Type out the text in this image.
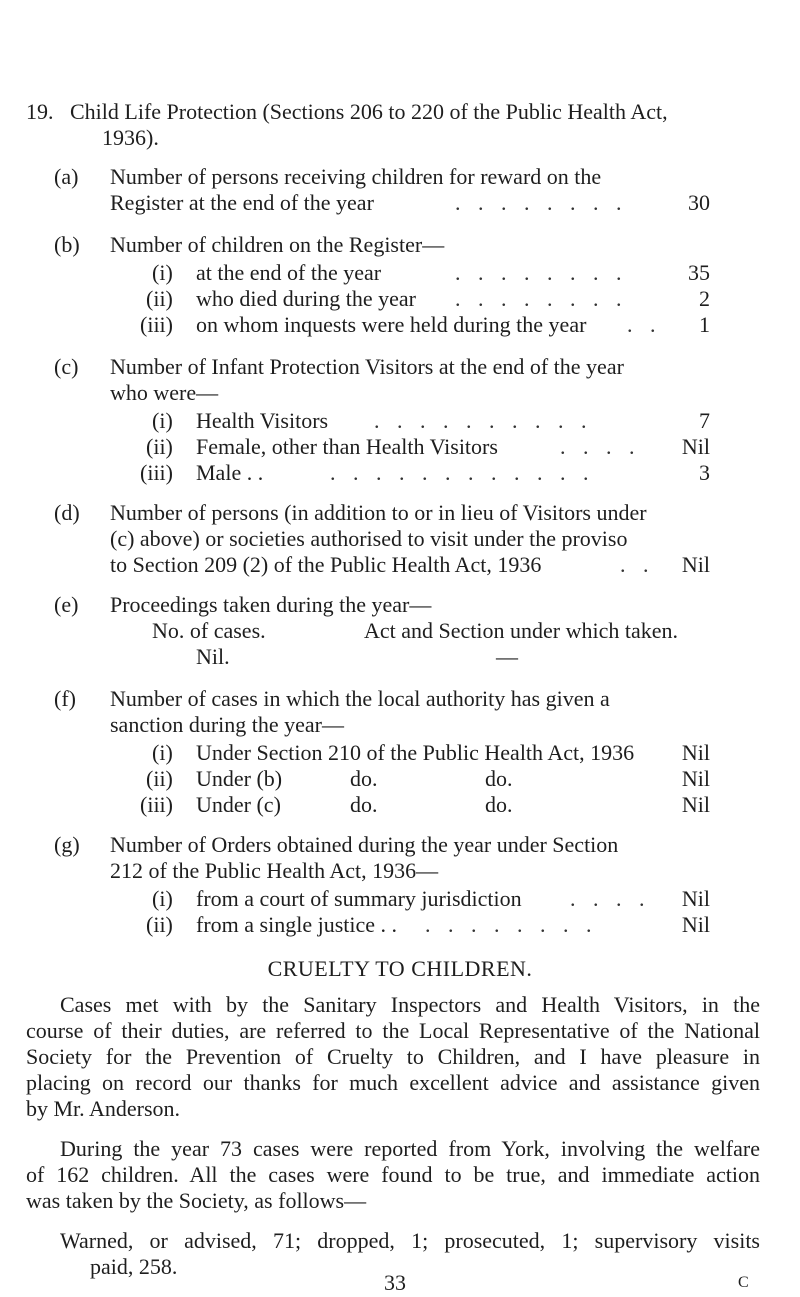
19. Child Life Protection (Sections 206 to 220 of the Public Health Act,
1936).
(a) Number of persons receiving children for reward on the
Register at the end of the year	. . . . . . . .	30
(b) Number of children on the Register—
(i) at the end of the year	. . . . . . . .	35
(ii) who died during the year . . . . . . . .	2
(iii) on whom inquests were held during the year . .	1
(c) Number of Infant Protection Visitors at the end of the year
who were—
(i) Health Visitors . . . . . . . . . .	7
(ii) Female, other than Health Visitors	. . . .	Nil
(iii) Male . .	. . . . . . . . . . . .	3
(d) Number of persons (in addition to or in lieu of Visitors under
(c) above) or societies authorised to visit under the proviso
to Section 209 (2) of the Public Health Act, 1936	. .	Nil
(e) Proceedings taken during the year—
No. of cases.	Act and Section under which taken.
Nil.	—
(f) Number of cases in which the local authority has given a
sanction during the year—
(i) Under Section 210 of the Public Health Act, 1936	Nil
(ii) Under (b)	do.	do.	Nil
(iii) Under (c)	do.	do.	Nil
(g) Number of Orders obtained during the year under Section
212 of the Public Health Act, 1936—
(i) from a court of summary jurisdiction . . . .	Nil
(ii) from a single justice . . . . . . . . . .	Nil
CRUELTY TO CHILDREN.
Cases met with by the Sanitary Inspectors and Health Visitors, in the
course of their duties, are referred to the Local Representative of the National
Society for the Prevention of Cruelty to Children, and I have pleasure in
placing on record our thanks for much excellent advice and assistance given
by Mr. Anderson.
During the year 73 cases were reported from York, involving the welfare
of 162 children. All the cases were found to be true, and immediate action
was taken by the Society, as follows—
Warned, or advised, 71; dropped, 1; prosecuted, 1; supervisory visits
paid, 258.
33	C
